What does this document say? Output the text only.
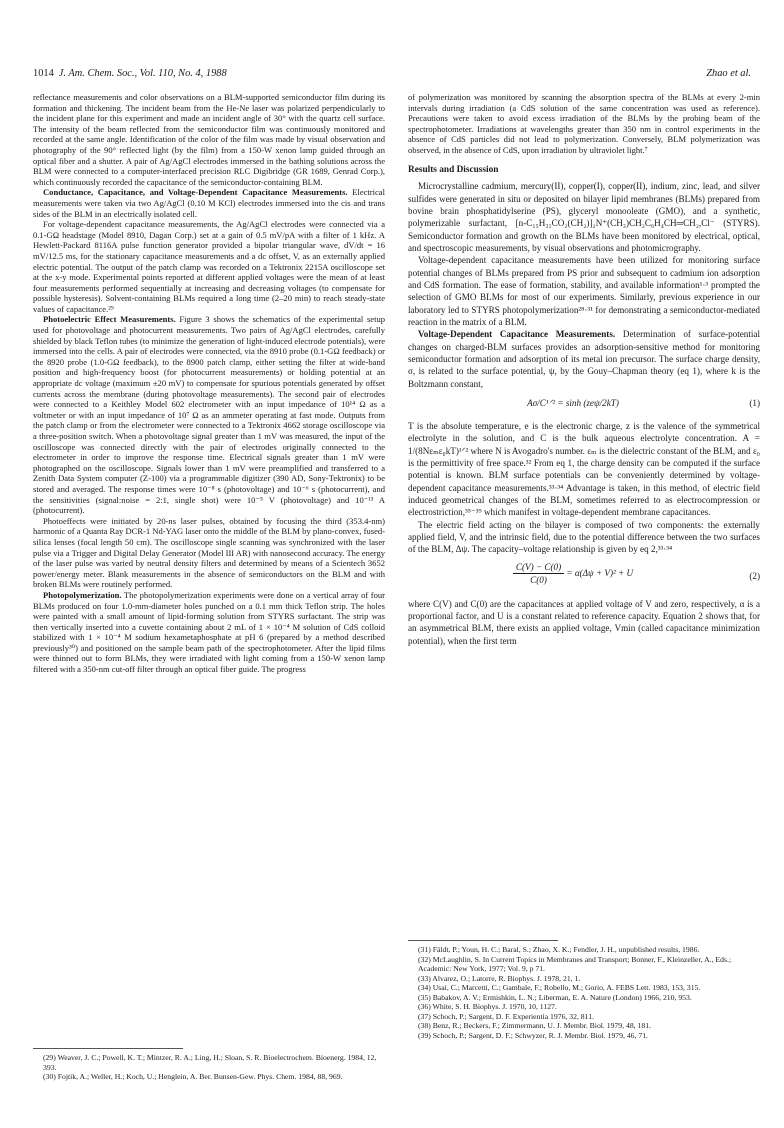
1014 J. Am. Chem. Soc., Vol. 110, No. 4, 1988	Zhao et al.

reflectance measurements and color observations on a BLM-supported semiconductor film during its formation and thickening. The incident beam from the He-Ne laser was polarized perpendicularly to the incident plane for this experiment and made an incident angle of 30° with the quartz cell surface. The intensity of the beam reflected from the semiconductor film was continuously monitored and recorded at the same angle. Identification of the color of the film was made by visual observation and photography of the 90° reflected light (by the film) from a 150-W xenon lamp guided through an optical fiber and a shutter. A pair of Ag/AgCl electrodes immersed in the bathing solutions across the BLM were connected to a computer-interfaced precision RLC Digibridge (GR 1689, Genrad Corp.), which continuously recorded the capacitance of the semiconductor-containing BLM.

Conductance, Capacitance, and Voltage-Dependent Capacitance Measurements. Electrical measurements were taken via two Ag/AgCl (0.10 M KCl) electrodes immersed into the cis and trans sides of the BLM in an electrically isolated cell.

For voltage-dependent capacitance measurements, the Ag/AgCl electrodes were connected via a 0.1-GΩ headstage (Model 8910, Dagan Corp.) set at a gain of 0.5 mV/pA with a filter of 1 kHz. A Hewlett-Packard 8116A pulse function generator provided a bipolar triangular wave, dV/dt = 16 mV/12.5 ms, for the stationary capacitance measurements and a dc offset, V, as an externally applied electric potential. The output of the patch clamp was recorded on a Tektronix 2215A oscilloscope set at the x-y mode. Experimental points reported at different applied voltages were the mean of at least four measurements performed sequentially at increasing and decreasing voltages (to compensate for possible hysteresis). Solvent-containing BLMs required a long time (2–20 min) to reach steady-state values of capacitance.²⁹

Photoelectric Effect Measurements. Figure 3 shows the schematics of the experimental setup used for photovoltage and photocurrent measurements. Two pairs of Ag/AgCl electrodes, carefully shielded by black Teflon tubes (to minimize the generation of light-induced electrode potentials), were immersed into the cells. A pair of electrodes were connected, via the 8910 probe (0.1-GΩ feedback) or the 8920 probe (1.0-GΩ feedback), to the 8900 patch clamp, either setting the filter at wide-band position and high-frequency boost (for photocurrent measurements) or holding potential at an appropriate dc voltage (maximum ±20 mV) to compensate for spurious potentials generated by offset currents across the membrane (during photovoltage measurements). The second pair of electrodes were connected to a Keithley Model 602 electrometer with an input impedance of 10¹⁴ Ω as a voltmeter or with an input impedance of 10⁷ Ω as an ammeter operating at fast mode. Outputs from the patch clamp or from the electrometer were connected to a Tektronix 4662 storage oscilloscope via a three-position switch. When a photovoltage signal greater than 1 mV was measured, the input of the oscilloscope was connected directly with the pair of electrodes originally connected to the electrometer in order to improve the response time. Electrical signals greater than 1 mV were photographed on the oscilloscope. Signals lower than 1 mV were preamplified and transferred to a Zenith Data System computer (Z-100) via a programmable digitizer (390 AD, Sony-Tektronix) to be stored and averaged. The response times were 10⁻⁸ s (photovoltage) and 10⁻⁶ s (photocurrent), and the sensitivities (signal:noise = 2:1, single shot) were 10⁻⁵ V (photovoltage) and 10⁻¹³ A (photocurrent).

Photoeffects were initiated by 20-ns laser pulses, obtained by focusing the third (353.4-nm) harmonic of a Quanta Ray DCR-1 Nd-YAG laser onto the middle of the BLM by plano-convex, fused-silica lenses (focal length 50 cm). The oscilloscope single scanning was synchronized with the laser pulse via a Trigger and Digital Delay Generator (Model III AR) with nanosecond accuracy. The energy of the laser pulse was varied by neutral density filters and determined by means of a Scientech 3652 power/energy meter. Blank measurements in the absence of semiconductors on the BLM and with broken BLMs were routinely performed.

Photopolymerization. The photopolymerization experiments were done on a vertical array of four BLMs produced on four 1.0-mm-diameter holes punched on a 0.1 mm thick Teflon strip. The holes were painted with a small amount of lipid-forming solution from STYRS surfactant. The strip was then vertically inserted into a cuvette containing about 2 mL of 1 × 10⁻⁴ M solution of CdS colloid stabilized with 1 × 10⁻⁴ M sodium hexametaphosphate at pH 6 (prepared by a method described previously³⁰) and positioned on the sample beam path of the spectrophotometer. After the lipid films were thinned out to form BLMs, they were irradiated with light coming from a 150-W xenon lamp filtered with a 350-nm cut-off filter through an optical fiber guide. The progress

of polymerization was monitored by scanning the absorption spectra of the BLMs at every 2-min intervals during irradiation (a CdS solution of the same concentration was used as reference). Precautions were taken to avoid excess irradiation of the BLMs by the probing beam of the spectrophotometer. Irradiations at wavelengths greater than 350 nm in control experiments in the absence of CdS particles did not lead to polymerization. Conversely, BLM polymerization was observed, in the absence of CdS, upon irradiation by ultraviolet light.⁷

Results and Discussion

Microcrystalline cadmium, mercury(II), copper(I), copper(II), indium, zinc, lead, and silver sulfides were generated in situ or deposited on bilayer lipid membranes (BLMs) prepared from bovine brain phosphatidylserine (PS), glyceryl monooleate (GMO), and a synthetic, polymerizable surfactant, [n-C₁₅H₃₁CO₂(CH₂)]₂N⁺(CH₃)CH₂C₆H₄CH═CH₂,Cl⁻ (STYRS). Semiconductor formation and growth on the BLMs have been monitored by electrical, optical, and spectroscopic measurements, by visual observations and photomicrography.

Voltage-dependent capacitance measurements have been utilized for monitoring surface potential changes of BLMs prepared from PS prior and subsequent to cadmium ion adsorption and CdS formation. The ease of formation, stability, and available information¹·³ prompted the selection of GMO BLMs for most of our experiments. Similarly, previous experience in our laboratory led to STYRS photopolymerization²⁸·³¹ for demonstrating a semiconductor-mediated reaction in the matrix of a BLM.

Voltage-Dependent Capacitance Measurements. Determination of surface-potential changes on charged-BLM surfaces provides an adsorption-sensitive method for monitoring semiconductor formation and adsorption of its metal ion precursor. The surface charge density, σ, is related to the surface potential, ψ, by the Gouy–Chapman theory (eq 1), where k is the Boltzmann constant,

Aσ/C¹ᐟ² = sinh (zeψ/2kT)	(1)

T is the absolute temperature, e is the electronic charge, z is the valence of the symmetrical electrolyte in the solution, and C is the bulk aqueous electrolyte concentration. A = 1/(8Nεₘε₀kT)¹ᐟ² where N is Avogadro's number. εₘ is the dielectric constant of the BLM, and ε₀ is the permittivity of free space.³² From eq 1, the charge density can be computed if the surface potential is known. BLM surface potentials can be conveniently determined by voltage-dependent capacitance measurements.³³·³⁴ Advantage is taken, in this method, of electric field induced geometrical changes of the BLM, sometimes referred to as electrocompression or electrostriction,³⁵⁻³⁹ which manifest in voltage-dependent membrane capacitances.

The electric field acting on the bilayer is composed of two components: the externally applied field, V, and the intrinsic field, due to the potential difference between the two surfaces of the BLM, Δψ. The capacity–voltage relationship is given by eq 2,³³·³⁴

$\frac{C(V) - C(0)}{C(0)} = \alpha(\Delta\psi + V)^2 + U$	(2)

where C(V) and C(0) are the capacitances at applied voltage of V and zero, respectively, α is a proportional factor, and U is a constant related to reference capacity. Equation 2 shows that, for an asymmetrical BLM, there exists an applied voltage, Vmin (called capacitance minimization potential), when the first term

(29) Weaver, J. C.; Powell, K. T.; Mintzer, R. A.; Ling, H.; Sloan, S. R. Bioelectrochem. Bioenerg. 1984, 12, 393.
(30) Fojtik, A.; Weller, H.; Koch, U.; Henglein, A. Ber. Bunsen-Gew. Phys. Chem. 1984, 88, 969.
(31) Fäldt, P.; Youn, H. C.; Baral, S.; Zhao, X. K.; Fendler, J. H., unpublished results, 1986.
(32) McLaughlin, S. In Current Topics in Membranes and Transport; Bonner, F., Kleinzeller, A., Eds.; Academic: New York, 1977; Vol. 9, p 71.
(33) Alvarez, O.; Latorre, R. Biophys. J. 1978, 21, 1.
(34) Usai, C.; Marcetti, C.; Gambale, F.; Robello, M.; Gorio, A. FEBS Lett. 1983, 153, 315.
(35) Babakov, A. V.; Ermishkin, L. N.; Liberman, E. A. Nature (London) 1966, 210, 953.
(36) White, S. H. Biophys. J. 1970, 10, 1127.
(37) Schoch, P.; Sargent, D. F. Experientia 1976, 32, 811.
(38) Benz, R.; Beckers, F.; Zimmermann, U. J. Membr. Biol. 1979, 48, 181.
(39) Schoch, P.; Sargent, D. F.; Schwyzer, R. J. Membr. Biol. 1979, 46, 71.
